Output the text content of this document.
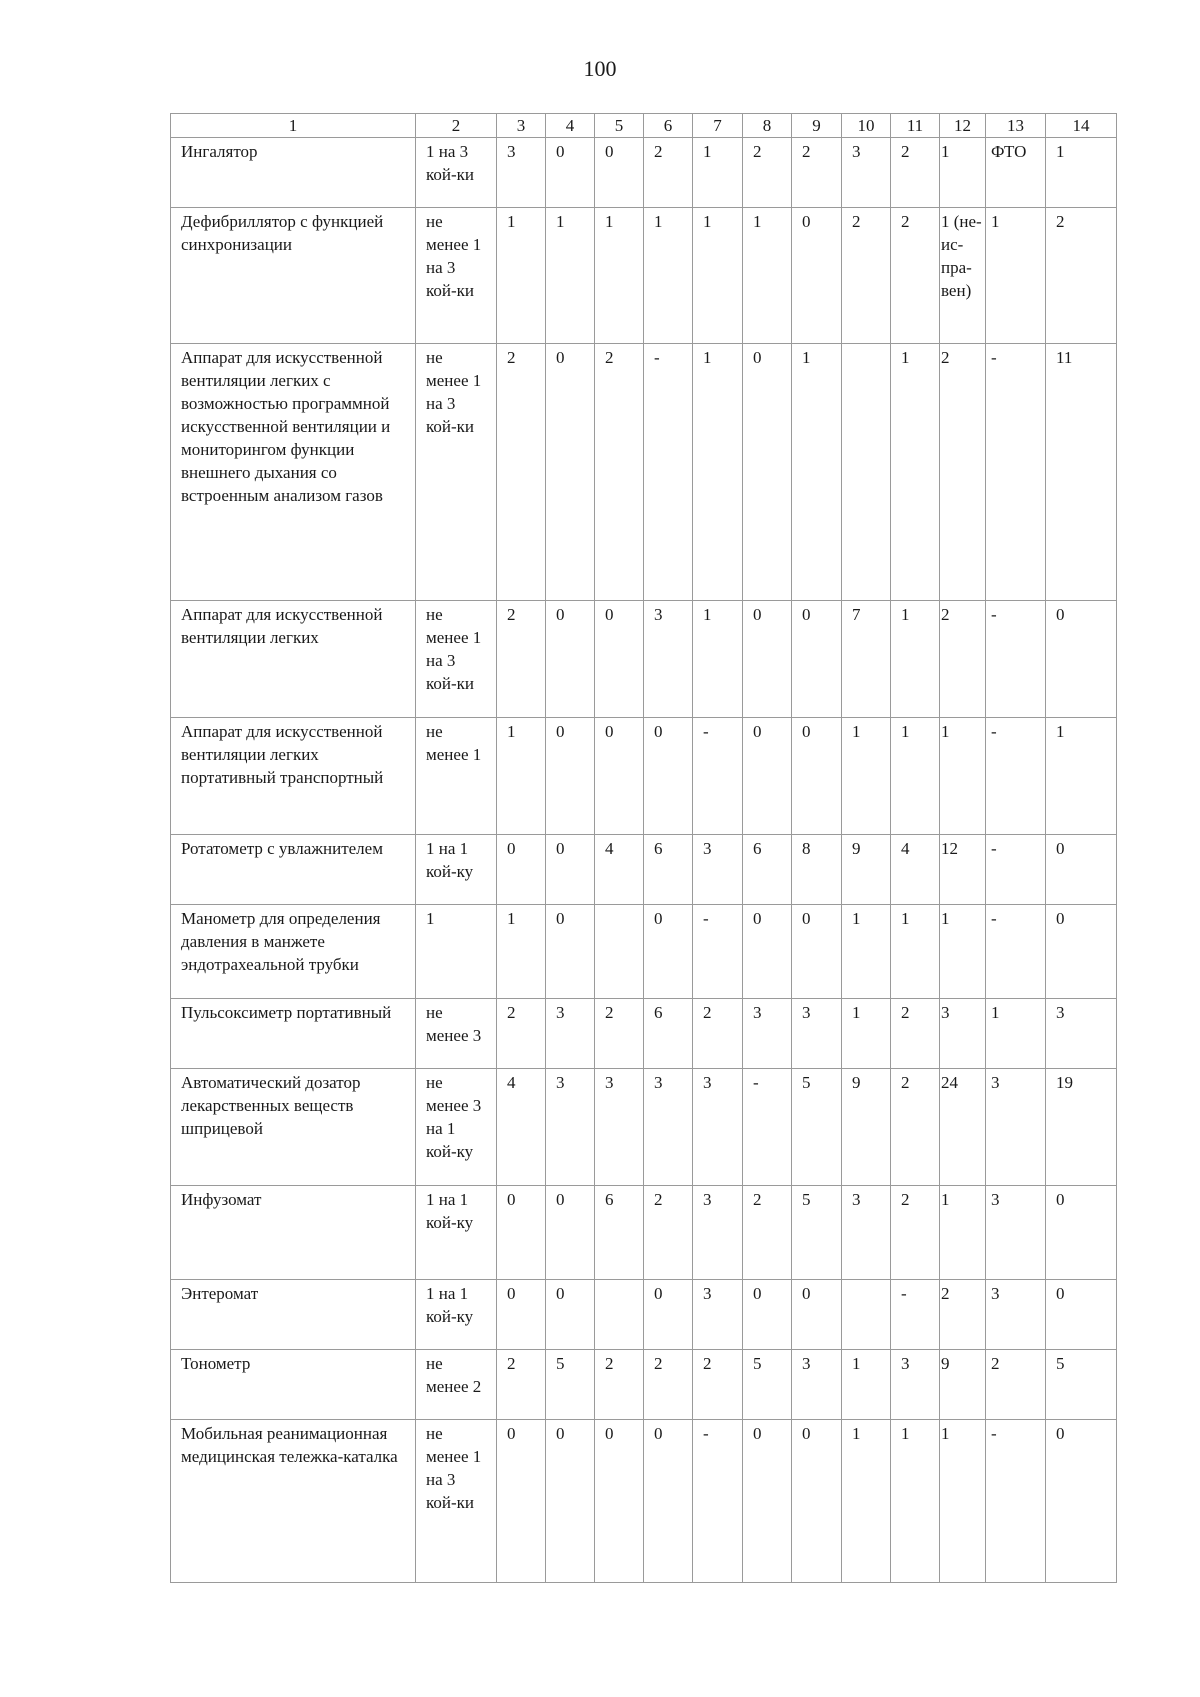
100
1	2	3	4	5	6	7	8	9	10	11	12	13	14
Ингалятор	1 на 3 кой-ки	3	0	0	2	1	2	2	3	2	1	ФТО	1
Дефибриллятор с функцией синхронизации	не менее 1 на 3 кой-ки	1	1	1	1	1	1	0	2	2	1 (не-ис-пра-вен)	1	2
Аппарат для искусственной вентиляции легких с возможностью программной искусственной вентиляции и мониторингом функции внешнего дыхания со встроенным анализом газов	не менее 1 на 3 кой-ки	2	0	2	-	1	0	1		1	2	-	11
Аппарат для искусственной вентиляции легких	не менее 1 на 3 кой-ки	2	0	0	3	1	0	0	7	1	2	-	0
Аппарат для искусственной вентиляции легких портативный транспортный	не менее 1	1	0	0	0	-	0	0	1	1	1	-	1
Ротатометр с увлажнителем	1 на 1 кой-ку	0	0	4	6	3	6	8	9	4	12	-	0
Манометр для определения давления в манжете эндотрахеальной трубки	1	1	0		0	-	0	0	1	1	1	-	0
Пульсоксиметр портативный	не менее 3	2	3	2	6	2	3	3	1	2	3	1	3
Автоматический дозатор лекарственных веществ шприцевой	не менее 3 на 1 кой-ку	4	3	3	3	3	-	5	9	2	24	3	19
Инфузомат	1 на 1 кой-ку	0	0	6	2	3	2	5	3	2	1	3	0
Энтеромат	1 на 1 кой-ку	0	0		0	3	0	0		-	2	3	0
Тонометр	не менее 2	2	5	2	2	2	5	3	1	3	9	2	5
Мобильная реанимационная медицинская тележка-каталка	не менее 1 на 3 кой-ки	0	0	0	0	-	0	0	1	1	1	-	0
